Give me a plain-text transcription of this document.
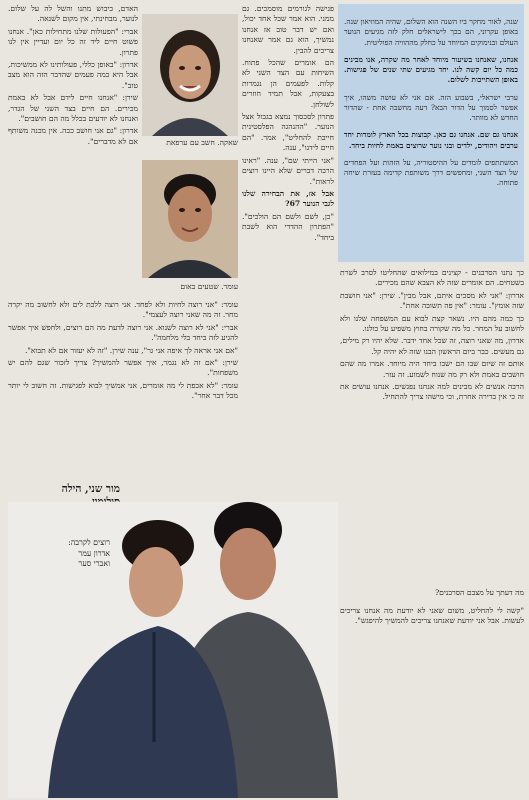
שנה, לאור מחקר ביו השנה הוא השלום, שהיה המוזיאון שנה. באופן עקרוני, הם בכך לישראלים חלק לזה מגיעים הנוער העולם ובנימוקים המיוחד על כחלק מההוויה הפוליטית.

אנחנו, שאנחנו בשיעור מיוחד לאחר מה שקרה, אנו מבינים כמה כל יום קשה לנו. יחד מגיעים שתי שנים של פגישות. באופן השתייכות לשלום.

ערבי ישראלי, בשבוע הזה. אם אני לא עושה משהו, איך אפשר לסמוך על הדור הבא? דעה מחשבה אחת - שהדור החדש לא מוותר.

אנחנו גם שם. אנחנו גם כאן. קבוצות בכל הארץ לומדות יחד ערבים ויהודים, ילדים ובני נוער שרוצים באמת לחיות ביחד.

המשתתפים לומדים על ההיסטוריה, על הזהות ועל הפחדים של הצד השני, ומחפשים דרך משותפת קדימה בעזרת שיחה פתוחה.

כך נתנו הסרבנים - קצינים במילואים שהחליטו לסרב לשרת בשטחים. הם אומרים שזה לא הצבא שהם מכירים.

אדרון: "אני לא מסכים איתם, אבל מבין". שירן: "אני חושבת שזה אומץ". עומר: "אין פה תשובה אחת".

כך כמה מהם היו. נשאר קצת לבוא עם המשפחה שלנו ולא לחשוב על המחר. כל מה שקורה בחוץ משפיע על כולנו.

אדרון, מה שאני רוצה, זה שכל אחד ידבר. שלא יהיו רק מילים, גם מעשים. כבר ביום הראשון הבנו שזה לא יהיה קל.

אותם זה שיום שבו הם ישבו ביחד היה מיוחד. אמרו מה שהם חושבים באמת ולא רק מה שנוח לשמוע. זה עזר.

הרבה אנשים לא מבינים למה אנחנו נפגשים. אנחנו עושים את זה כי אין ברירה אחרת, וכי מישהו צריך להתחיל.

מה דעתך על מצבם הסרבנים?

"קשה לי להחליט, משום שאני לא יודעת מה אנחנו צריכים לעשות. אבל אני יודעת שאנחנו צריכים להמשיך להיפגש".

פגישה לגורמים מוסמכים. גם ממני. הוא אמר שכל אחד יכול, ואם יש דבר טוב אז אנחנו נמשיך, הוא גם אמר שאנחנו צריכים להבין.

הם אומרים שהכל פתוח. השיחות עם הצד השני לא קלות. לפעמים הן נגמרות בצעקות, אבל תמיד חוזרים לשולחן.

פתרון לסכסוך נמצא בגבול אצל הנוער. "ההנהגה הפלסטינית חייבת להחליט", אמר. "הם חיים לידנו", ענה.

"אני הייתי שם", ענה. "ראינו הרבה דברים שלא היינו רוצים לראות".

אבל אז, את הבחירה שלנו לגבי הנוער 67?

"כן, לשם ולשם הם הולכים". "הפתרון ההדדי הוא לשבת ביחד".

שאקה. חשב עם ערפאת
עומר. שטעים באום

האדם, כיבוש מתנו והשל לה על שלום. לנוער, מבחינתי, אין מקום לשנאה.

אברי: "הפעולות שלנו מתחילות כאן". אנחנו פשוט חיים ליד זה כל יום ועדיין אין לנו פתרון.

אדרון: "באופן כללי, פעולותינו לא ממשיכות, אבל היא כמה פעמים שהדבר הזה הוא מצב טוב".

שירן: "אנחנו חיים לידם אבל לא באמת מכירים. הם חיים בצד השני של הגדר, ואנחנו לא יודעים בכלל מה הם חושבים".

אדרון: "גם אני חושב ככה. אין מכנה משותף אם לא מדברים".

עומר: "אני רוצה לחיות ולא לפחד. אני רוצה ללכת לים ולא לחשוב מה יקרה מחר. זה מה שאני רוצה לעצמי".

אברי: "אני לא רוצה לשנוא. אני רוצה לדעת מה הם רוצים, ולחפש איך אפשר להגיע לזה ביחד בלי מלחמה".

"אם אני אראה לך איפה אני גר", ענה שירן. "זה לא יעזור אם לא תבוא".

שירן: "אם זה לא נגמר, איך אפשר להמשיך? צריך לזכור שגם להם יש משפחות".

עומר: "לא אכפת לי מה אומרים, אני אמשיך לבוא לפגישות. זה חשוב לי יותר מכל דבר אחר".

מור שני, הילה
רוצים לקרבה:
אדרון עמר
ואברי סער
